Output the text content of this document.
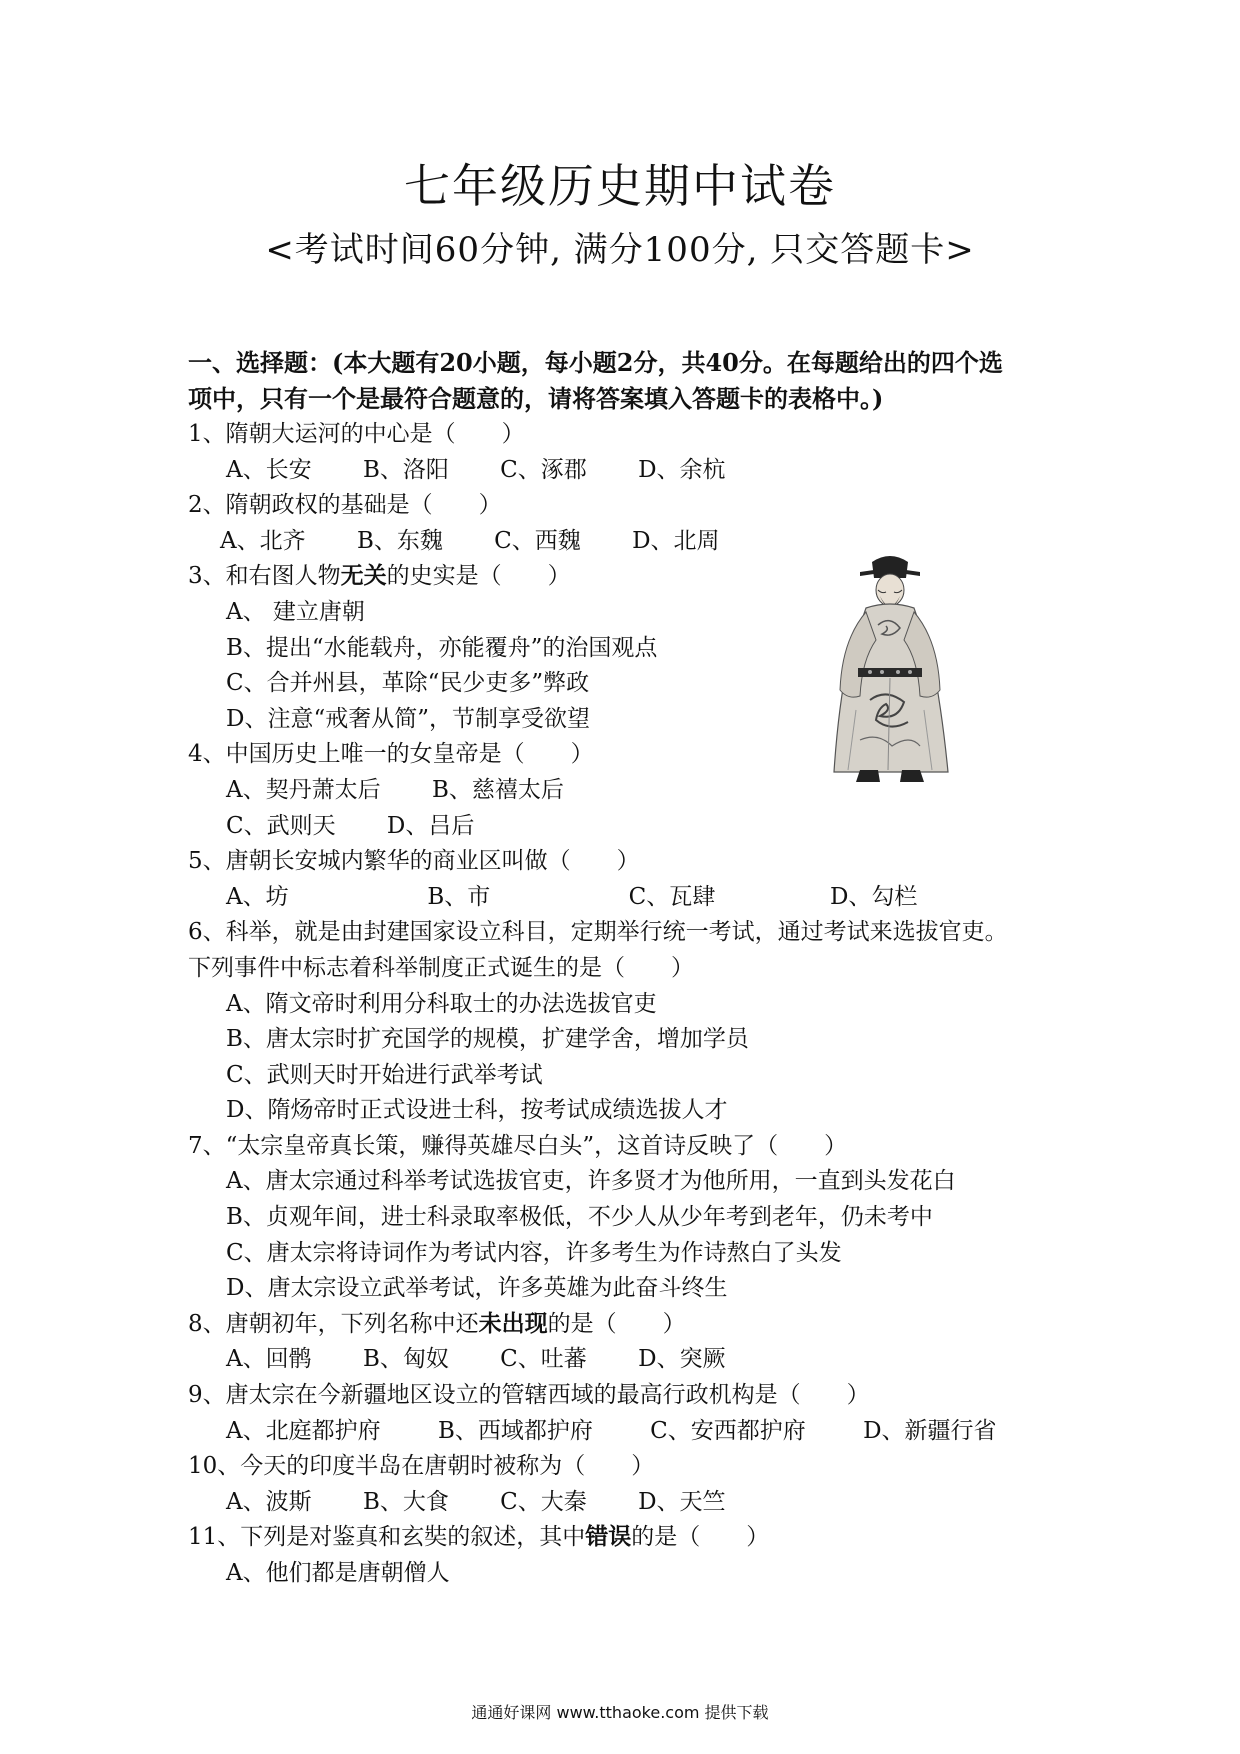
七年级历史期中试卷
<考试时间60分钟, 满分100分, 只交答题卡>
一、选择题：(本大题有20小题，每小题2分，共40分。在每题给出的四个选
项中，只有一个是最符合题意的，请将答案填入答题卡的表格中。)
1、隋朝大运河的中心是（　　）
A、长安 B、洛阳 C、涿郡 D、余杭
2、隋朝政权的基础是（　　）
A、北齐 B、东魏 C、西魏 D、北周
3、和右图人物无关的史实是（　　）
A、 建立唐朝
B、提出“水能载舟，亦能覆舟”的治国观点
C、合并州县，革除“民少吏多”弊政
D、注意“戒奢从简”，节制享受欲望
4、中国历史上唯一的女皇帝是（　　）
A、契丹萧太后 B、慈禧太后
C、武则天 D、吕后
5、唐朝长安城内繁华的商业区叫做（　　）
A、坊	B、市	C、瓦肆	D、勾栏
6、科举，就是由封建国家设立科目，定期举行统一考试，通过考试来选拔官吏。
下列事件中标志着科举制度正式诞生的是（　　）
A、隋文帝时利用分科取士的办法选拔官吏
B、唐太宗时扩充国学的规模，扩建学舍，增加学员
C、武则天时开始进行武举考试
D、隋炀帝时正式设进士科，按考试成绩选拔人才
7、“太宗皇帝真长策，赚得英雄尽白头”，这首诗反映了（　　）
A、唐太宗通过科举考试选拔官吏，许多贤才为他所用，一直到头发花白
B、贞观年间，进士科录取率极低，不少人从少年考到老年，仍未考中
C、唐太宗将诗词作为考试内容，许多考生为作诗熬白了头发
D、唐太宗设立武举考试，许多英雄为此奋斗终生
8、唐朝初年，下列名称中还未出现的是（　　）
A、回鹘 B、匈奴 C、吐蕃 D、突厥
9、唐太宗在今新疆地区设立的管辖西域的最高行政机构是（　　）
A、北庭都护府 B、西域都护府 C、安西都护府 D、新疆行省
10、今天的印度半岛在唐朝时被称为（　　）
A、波斯 B、大食 C、大秦 D、天竺
11、下列是对鉴真和玄奘的叙述，其中错误的是（　　）
A、他们都是唐朝僧人
通通好课网 www.tthaoke.com 提供下载
